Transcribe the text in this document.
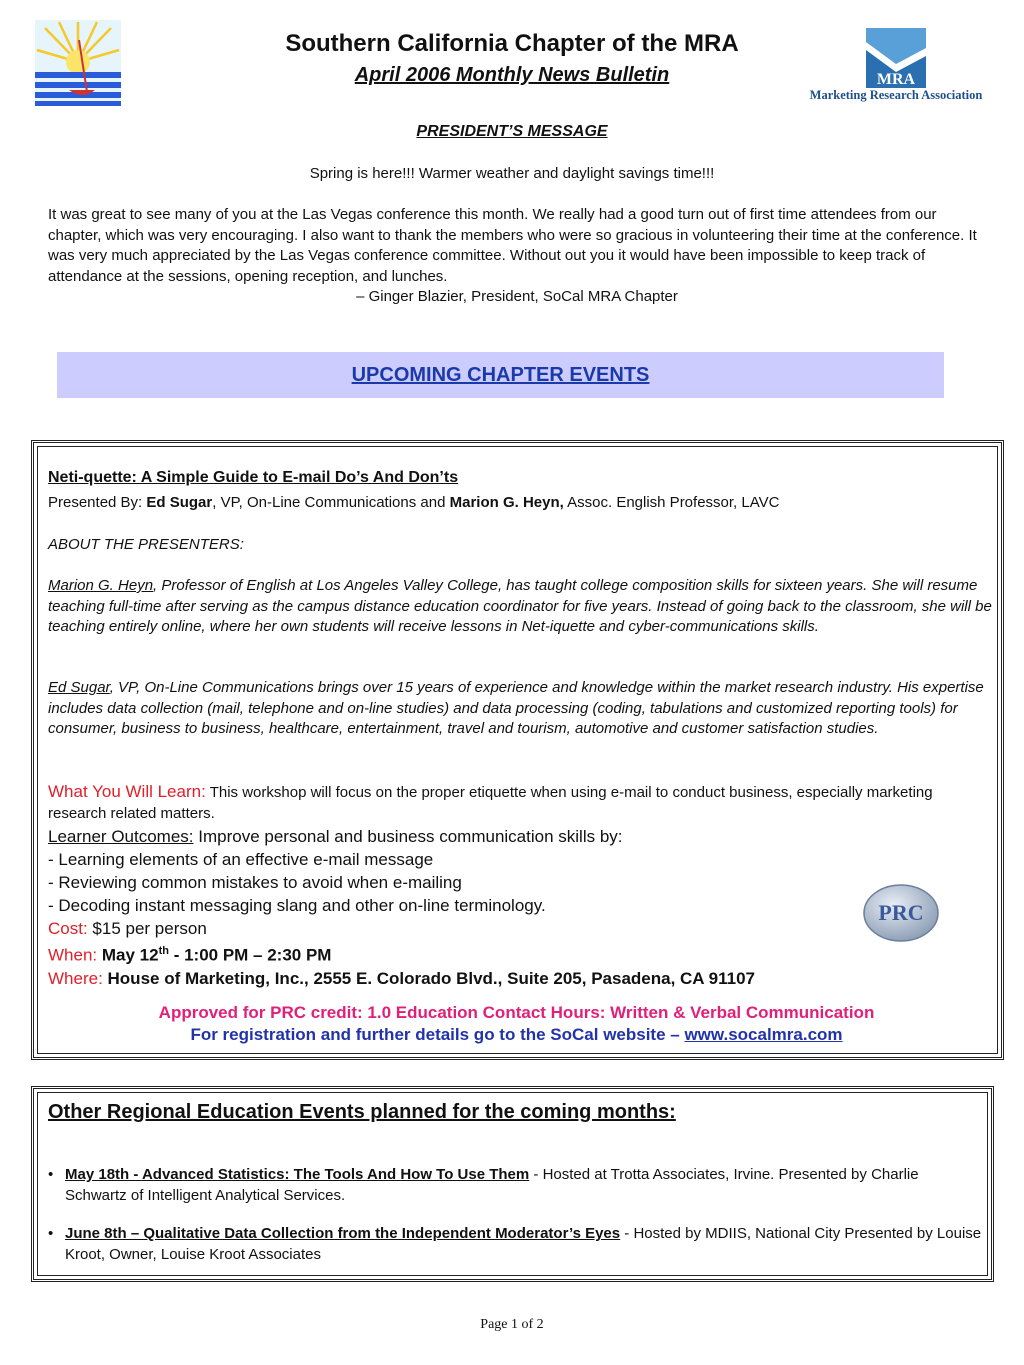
MRA
Marketing Research Association
Southern California Chapter of the MRA
April 2006 Monthly News Bulletin
PRESIDENT’S MESSAGE
Spring is here!!! Warmer weather and daylight savings time!!!
It was great to see many of you at the Las Vegas conference this month. We really had a good turn out of first time attendees from our chapter, which was very encouraging. I also want to thank the members who were so gracious in volunteering their time at the conference. It was very much appreciated by the Las Vegas conference committee. Without out you it would have been impossible to keep track of attendance at the sessions, opening reception, and lunches.
– Ginger Blazier, President, SoCal MRA Chapter
UPCOMING CHAPTER EVENTS
Neti-quette: A Simple Guide to E-mail Do’s And Don’ts
Presented By: Ed Sugar, VP, On-Line Communications and Marion G. Heyn, Assoc. English Professor, LAVC
ABOUT THE PRESENTERS:
Marion G. Heyn, Professor of English at Los Angeles Valley College, has taught college composition skills for sixteen years. She will resume teaching full-time after serving as the campus distance education coordinator for five years. Instead of going back to the classroom, she will be teaching entirely online, where her own students will receive lessons in Net-iquette and cyber-communications skills.
Ed Sugar, VP, On-Line Communications brings over 15 years of experience and knowledge within the market research industry. His expertise includes data collection (mail, telephone and on-line studies) and data processing (coding, tabulations and customized reporting tools) for consumer, business to business, healthcare, entertainment, travel and tourism, automotive and customer satisfaction studies.
What You Will Learn: This workshop will focus on the proper etiquette when using e-mail to conduct business, especially marketing research related matters.
Learner Outcomes: Improve personal and business communication skills by:
- Learning elements of an effective e-mail message
- Reviewing common mistakes to avoid when e-mailing
- Decoding instant messaging slang and other on-line terminology.
Cost: $15 per person
When: May 12th - 1:00 PM – 2:30 PM
Where: House of Marketing, Inc., 2555 E. Colorado Blvd., Suite 205, Pasadena, CA 91107
PRC
Approved for PRC credit: 1.0 Education Contact Hours: Written & Verbal Communication
For registration and further details go to the SoCal website – www.socalmra.com
Other Regional Education Events planned for the coming months:
• May 18th - Advanced Statistics: The Tools And How To Use Them - Hosted at Trotta Associates, Irvine. Presented by Charlie Schwartz of Intelligent Analytical Services.
• June 8th – Qualitative Data Collection from the Independent Moderator’s Eyes - Hosted by MDIIS, National City Presented by Louise Kroot, Owner, Louise Kroot Associates
Page 1 of 2
